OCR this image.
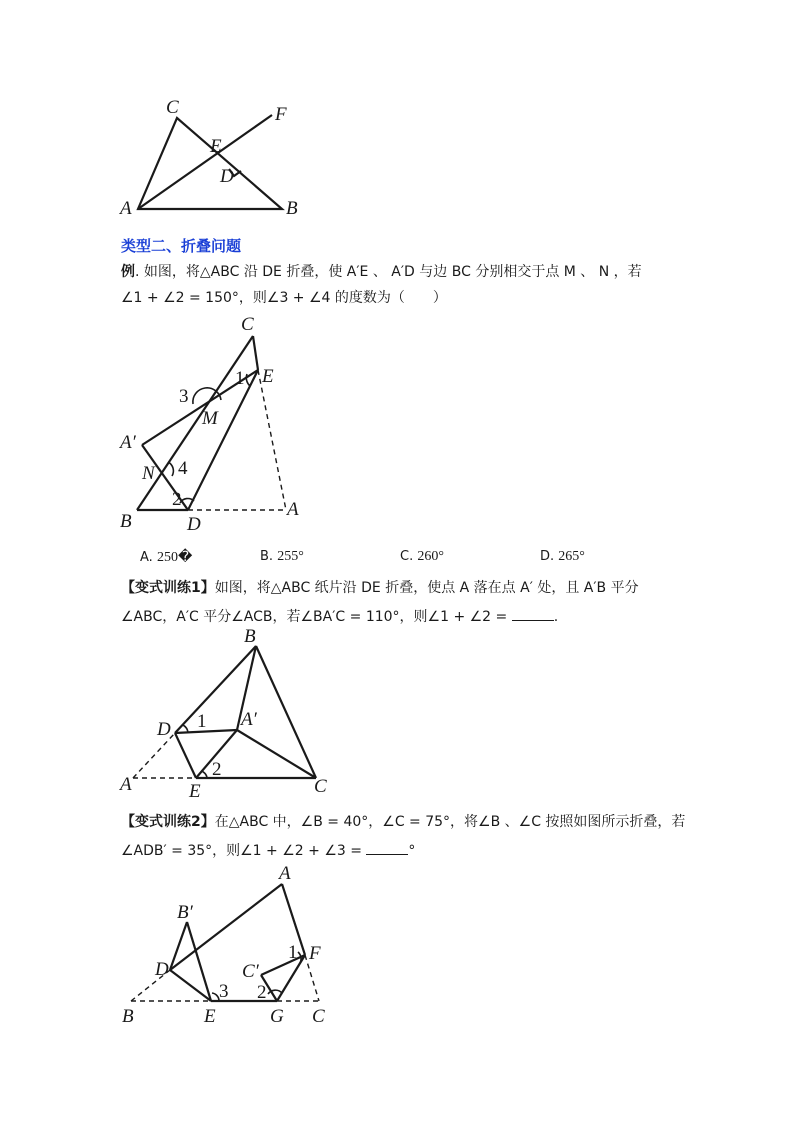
C	F
E
D
A	B
类型二、折叠问题
例. 如图，将△ABC 沿 DE 折叠，使 A′E 、 A′D 与边 BC 分别相交于点 M 、 N ，若
∠1 + ∠2 = 150°，则∠3 + ∠4 的度数为（　　）
C
E
1
3
M
A′
N 4
2
B	D
A
A. 250�	B. 255°	C. 260°	D. 265°
【变式训练1】如图，将△ABC 纸片沿 DE 折叠，使点 A 落在点 A′ 处，且 A′B 平分
∠ABC，A′C 平分∠ACB，若∠BA′C = 110°，则∠1 + ∠2 =	.
B
D 1 A′
A
2
E	C
【变式训练2】在△ABC 中，∠B = 40°，∠C = 75°，将∠B 、∠C 按照如图所示折叠，若
∠ADB′ = 35°，则∠1 + ∠2 + ∠3 =	°
A
B′
1 F
C′
D
3 2
B	E	G C
